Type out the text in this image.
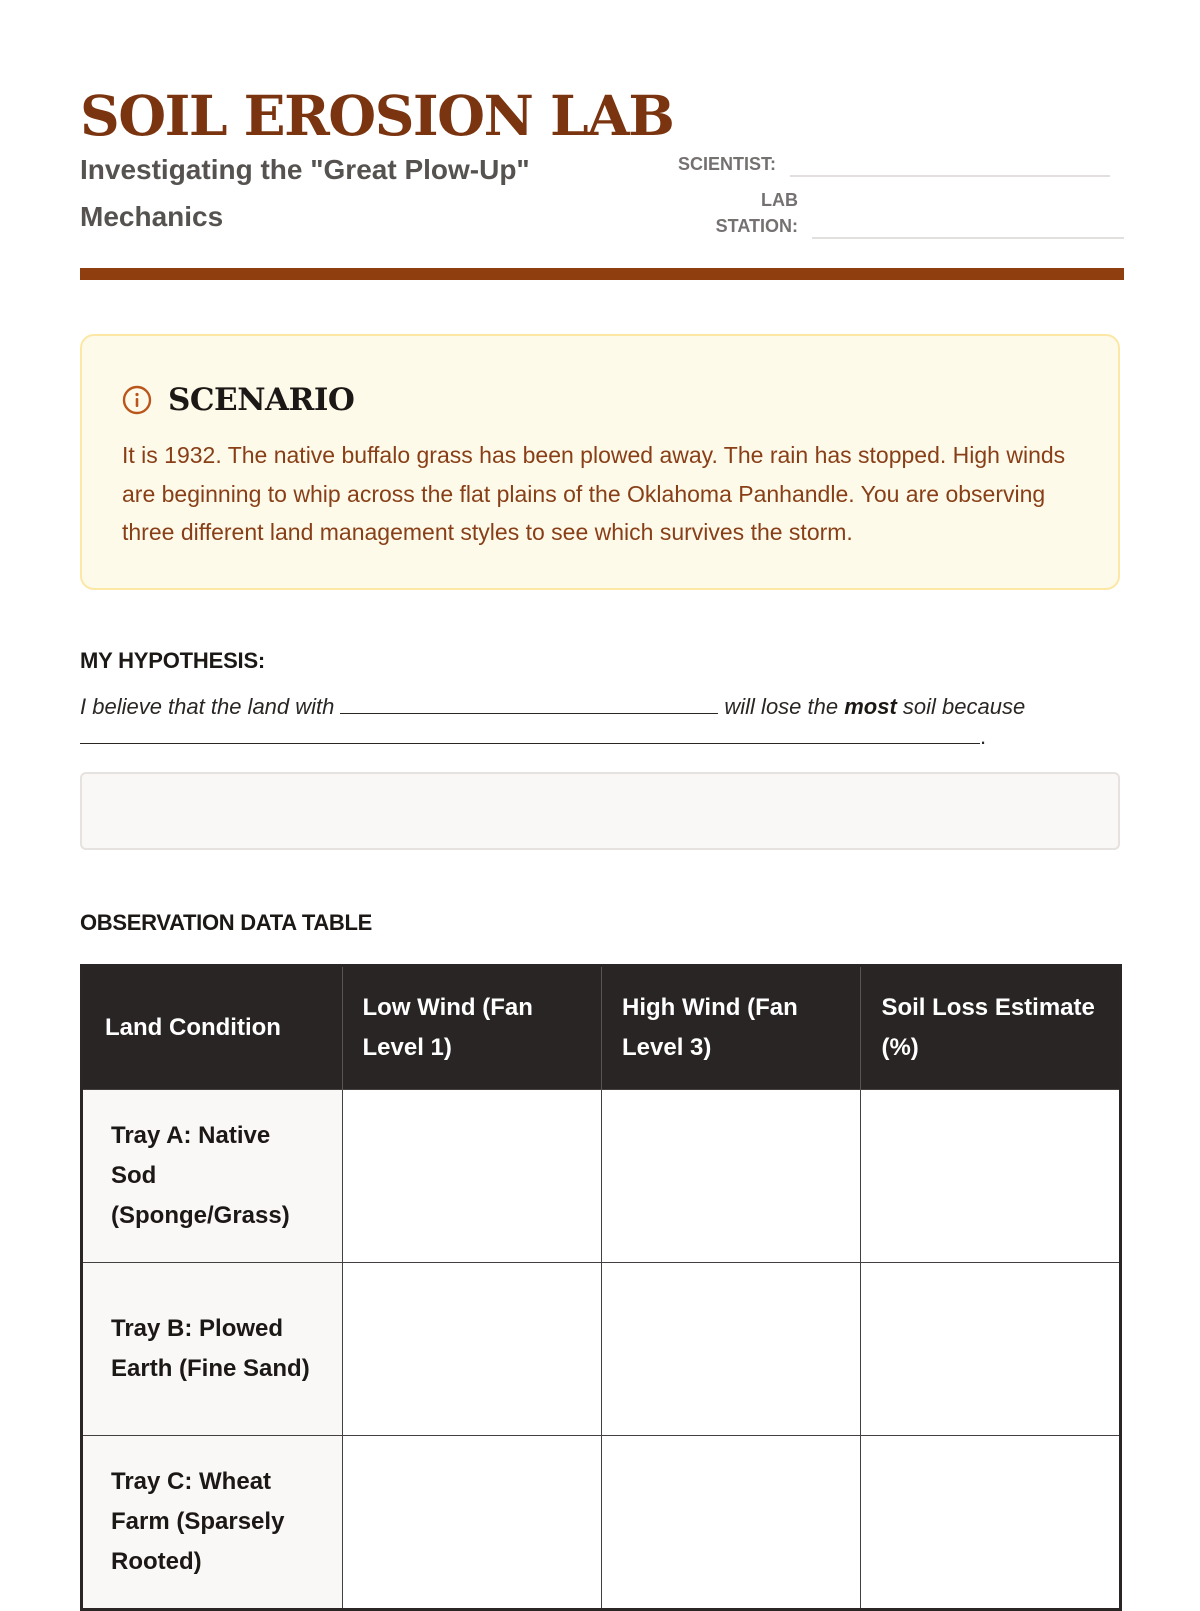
SOIL EROSION LAB
Investigating the "Great Plow-Up" Mechanics
SCIENTIST:
LAB STATION:
SCENARIO
It is 1932. The native buffalo grass has been plowed away. The rain has stopped. High winds are beginning to whip across the flat plains of the Oklahoma Panhandle. You are observing three different land management styles to see which survives the storm.
MY HYPOTHESIS:
I believe that the land with	will lose the most soil because
.
OBSERVATION DATA TABLE
Land Condition	Low Wind (Fan Level 1)	High Wind (Fan Level 3)	Soil Loss Estimate (%)
Tray A: Native Sod (Sponge/Grass)			
Tray B: Plowed Earth (Fine Sand)			
Tray C: Wheat Farm (Sparsely Rooted)			
